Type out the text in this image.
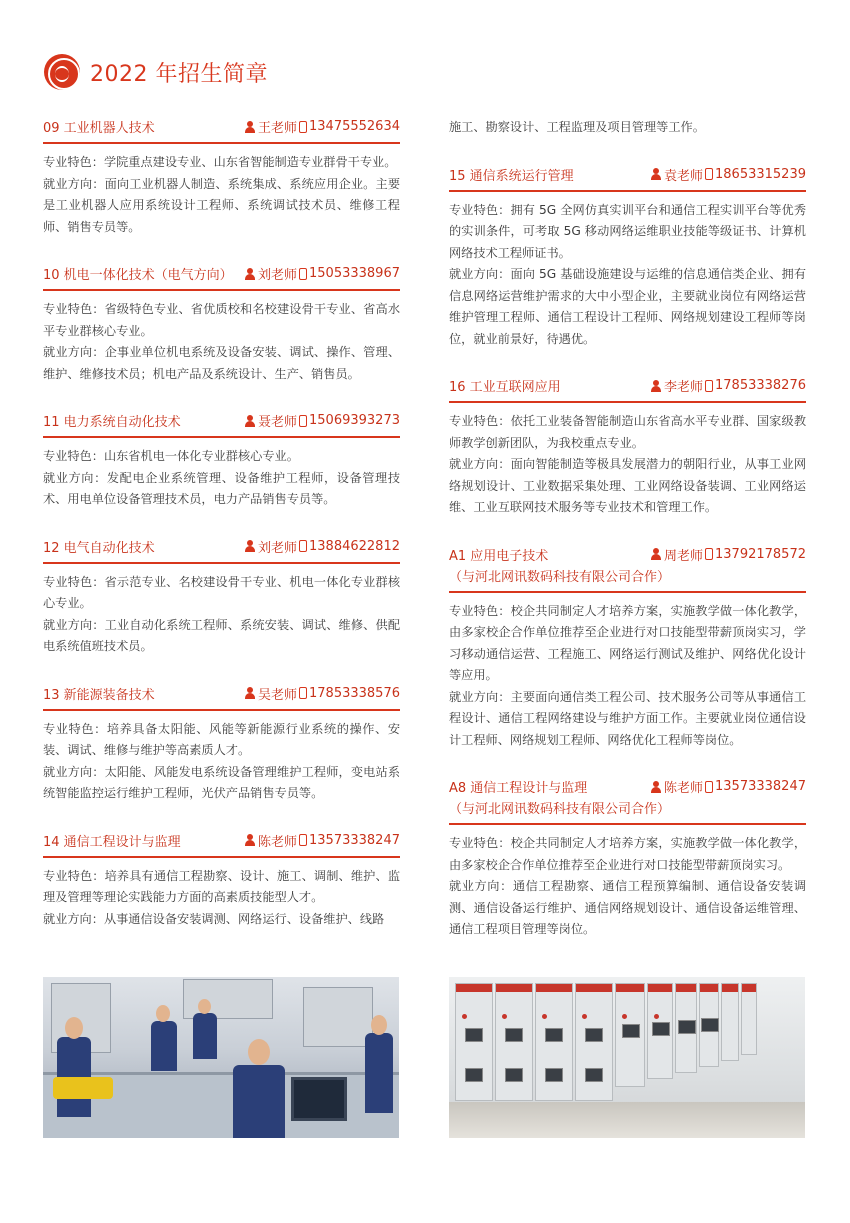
2022 年招生简章
09 工业机器人技术	王老师 13475552634

专业特色：学院重点建设专业、山东省智能制造专业群骨干专业。

就业方向：面向工业机器人制造、系统集成、系统应用企业。主要是工业机器人应用系统设计工程师、系统调试技术员、维修工程师、销售专员等。

10 机电一体化技术（电气方向） 刘老师 15053338967

专业特色：省级特色专业、省优质校和名校建设骨干专业、省高水平专业群核心专业。

就业方向：企事业单位机电系统及设备安装、调试、操作、管理、维护、维修技术员；机电产品及系统设计、生产、销售员。

11 电力系统自动化技术	聂老师 15069393273

专业特色：山东省机电一体化专业群核心专业。

就业方向：发配电企业系统管理、设备维护工程师，设备管理技术、用电单位设备管理技术员，电力产品销售专员等。

12 电气自动化技术	刘老师 13884622812

专业特色：省示范专业、名校建设骨干专业、机电一体化专业群核心专业。

就业方向：工业自动化系统工程师、系统安装、调试、维修、供配电系统值班技术员。

13 新能源装备技术	吴老师 17853338576

专业特色：培养具备太阳能、风能等新能源行业系统的操作、安装、调试、维修与维护等高素质人才。

就业方向：太阳能、风能发电系统设备管理维护工程师，变电站系统智能监控运行维护工程师，光伏产品销售专员等。

14 通信工程设计与监理	陈老师 13573338247

专业特色：培养具有通信工程勘察、设计、施工、调制、维护、监理及管理等理论实践能力方面的高素质技能型人才。

就业方向：从事通信设备安装调测、网络运行、设备维护、线路

施工、勘察设计、工程监理及项目管理等工作。

15 通信系统运行管理	袁老师 18653315239

专业特色：拥有 5G 全网仿真实训平台和通信工程实训平台等优秀的实训条件，可考取 5G 移动网络运维职业技能等级证书、计算机网络技术工程师证书。

就业方向：面向 5G 基础设施建设与运维的信息通信类企业、拥有信息网络运营维护需求的大中小型企业，主要就业岗位有网络运营维护管理工程师、通信工程设计工程师、网络规划建设工程师等岗位，就业前景好，待遇优。

16 工业互联网应用	李老师 17853338276

专业特色：依托工业装备智能制造山东省高水平专业群、国家级教师教学创新团队，为我校重点专业。

就业方向：面向智能制造等极具发展潜力的朝阳行业，从事工业网络规划设计、工业数据采集处理、工业网络设备装调、工业网络运维、工业互联网技术服务等专业技术和管理工作。

A1 应用电子技术	周老师 13792178572
（与河北网讯数码科技有限公司合作）

专业特色：校企共同制定人才培养方案，实施教学做一体化教学，由多家校企合作单位推荐至企业进行对口技能型带薪顶岗实习，学习移动通信运营、工程施工、网络运行测试及维护、网络优化设计等应用。

就业方向：主要面向通信类工程公司、技术服务公司等从事通信工程设计、通信工程网络建设与维护方面工作。主要就业岗位通信设计工程师、网络规划工程师、网络优化工程师等岗位。

A8 通信工程设计与监理	陈老师 13573338247
（与河北网讯数码科技有限公司合作）

专业特色：校企共同制定人才培养方案，实施教学做一体化教学，由多家校企合作单位推荐至企业进行对口技能型带薪顶岗实习。

就业方向：通信工程勘察、通信工程预算编制、通信设备安装调测、通信设备运行维护、通信网络规划设计、通信设备运维管理、通信工程项目管理等岗位。
